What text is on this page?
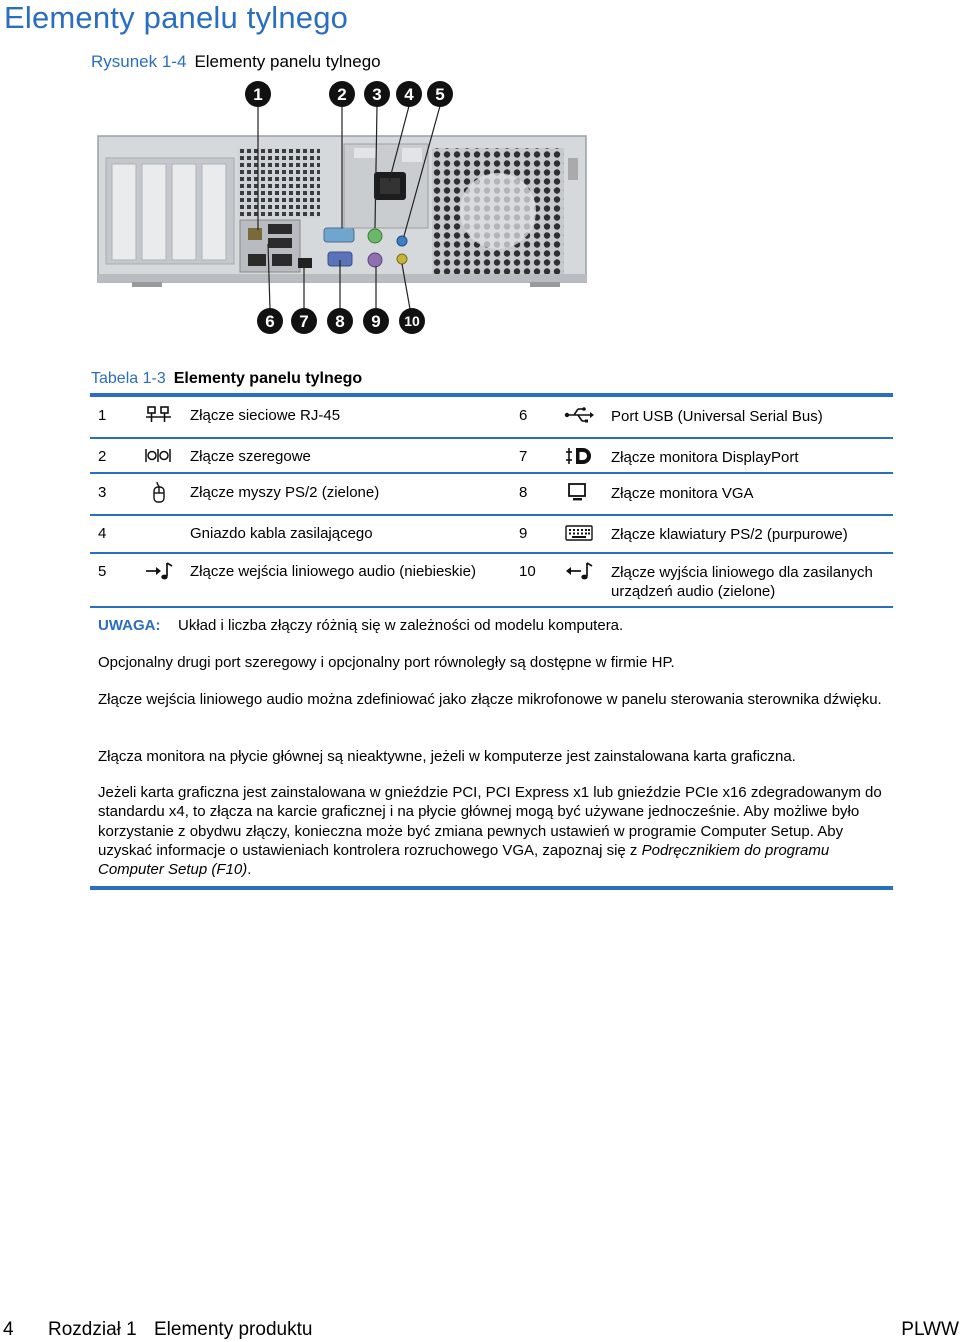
Elementy panelu tylnego
Rysunek 1-4 Elementy panelu tylnego
1	2 3 4 5
6 7 8 9 10
Tabela 1-3 Elementy panelu tylnego
1	Złącze sieciowe RJ-45	6	Port USB (Universal Serial Bus)
2	Złącze szeregowe	7	Złącze monitora DisplayPort
3	Złącze myszy PS/2 (zielone)	8	Złącze monitora VGA
4	Gniazdo kabla zasilającego	9	Złącze klawiatury PS/2 (purpurowe)
5	Złącze wejścia liniowego audio (niebieskie)	10	Złącze wyjścia liniowego dla zasilanych urządzeń audio (zielone)
UWAGA: Układ i liczba złączy różnią się w zależności od modelu komputera.
Opcjonalny drugi port szeregowy i opcjonalny port równoległy są dostępne w firmie HP.
Złącze wejścia liniowego audio można zdefiniować jako złącze mikrofonowe w panelu sterowania sterownika dźwięku.
Złącza monitora na płycie głównej są nieaktywne, jeżeli w komputerze jest zainstalowana karta graficzna.
Jeżeli karta graficzna jest zainstalowana w gnieździe PCI, PCI Express x1 lub gnieździe PCIe x16 zdegradowanym do standardu x4, to złącza na karcie graficznej i na płycie głównej mogą być używane jednocześnie. Aby możliwe było korzystanie z obydwu złączy, konieczna może być zmiana pewnych ustawień w programie Computer Setup. Aby uzyskać informacje o ustawieniach kontrolera rozruchowego VGA, zapoznaj się z Podręcznikiem do programu Computer Setup (F10).
4 Rozdział 1 Elementy produktu	PLWW
